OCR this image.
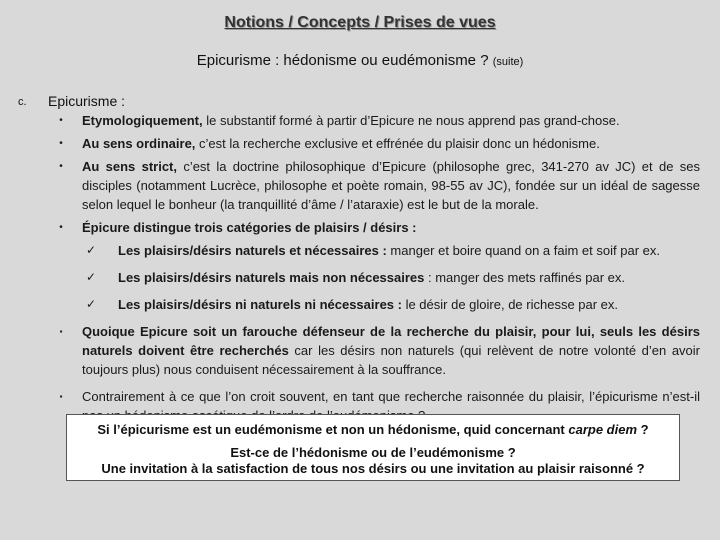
Notions / Concepts / Prises de vues
Epicurisme : hédonisme ou eudémonisme ? (suite)
c. Epicurisme :
•	Etymologiquement, le substantif formé à partir d’Epicure ne nous apprend pas grand-chose.
•	Au sens ordinaire, c’est la recherche exclusive et effrénée du plaisir donc un hédonisme.
•	Au sens strict, c’est la doctrine philosophique d’Epicure (philosophe grec, 341-270 av JC) et de ses disciples (notamment Lucrèce, philosophe et poète romain, 98-55 av JC), fondée sur un idéal de sagesse selon lequel le bonheur (la tranquillité d’âme / l’ataraxie) est le but de la morale.
•	Épicure distingue trois catégories de plaisirs / désirs :
✓ Les plaisirs/désirs naturels et nécessaires : manger et boire quand on a faim et soif par ex.
✓ Les plaisirs/désirs naturels mais non nécessaires : manger des mets raffinés par ex.
✓ Les plaisirs/désirs ni naturels ni nécessaires : le désir de gloire, de richesse par ex.
▪	Quoique Epicure soit un farouche défenseur de la recherche du plaisir, pour lui, seuls les désirs naturels doivent être recherchés car les désirs non naturels (qui relèvent de notre volonté d’en avoir toujours plus) nous conduisent nécessairement à la souffrance.
▪	Contrairement à ce que l’on croit souvent, en tant que recherche raisonnée du plaisir, l’épicurisme n’est-il
Si l’épicurisme est un eudémonisme et non un hédonisme, quid concernant carpe diem ?
Est-ce de l’hédonisme ou de l’eudémonisme ?
Une invitation à la satisfaction de tous nos désirs ou une invitation au plaisir raisonné ?
